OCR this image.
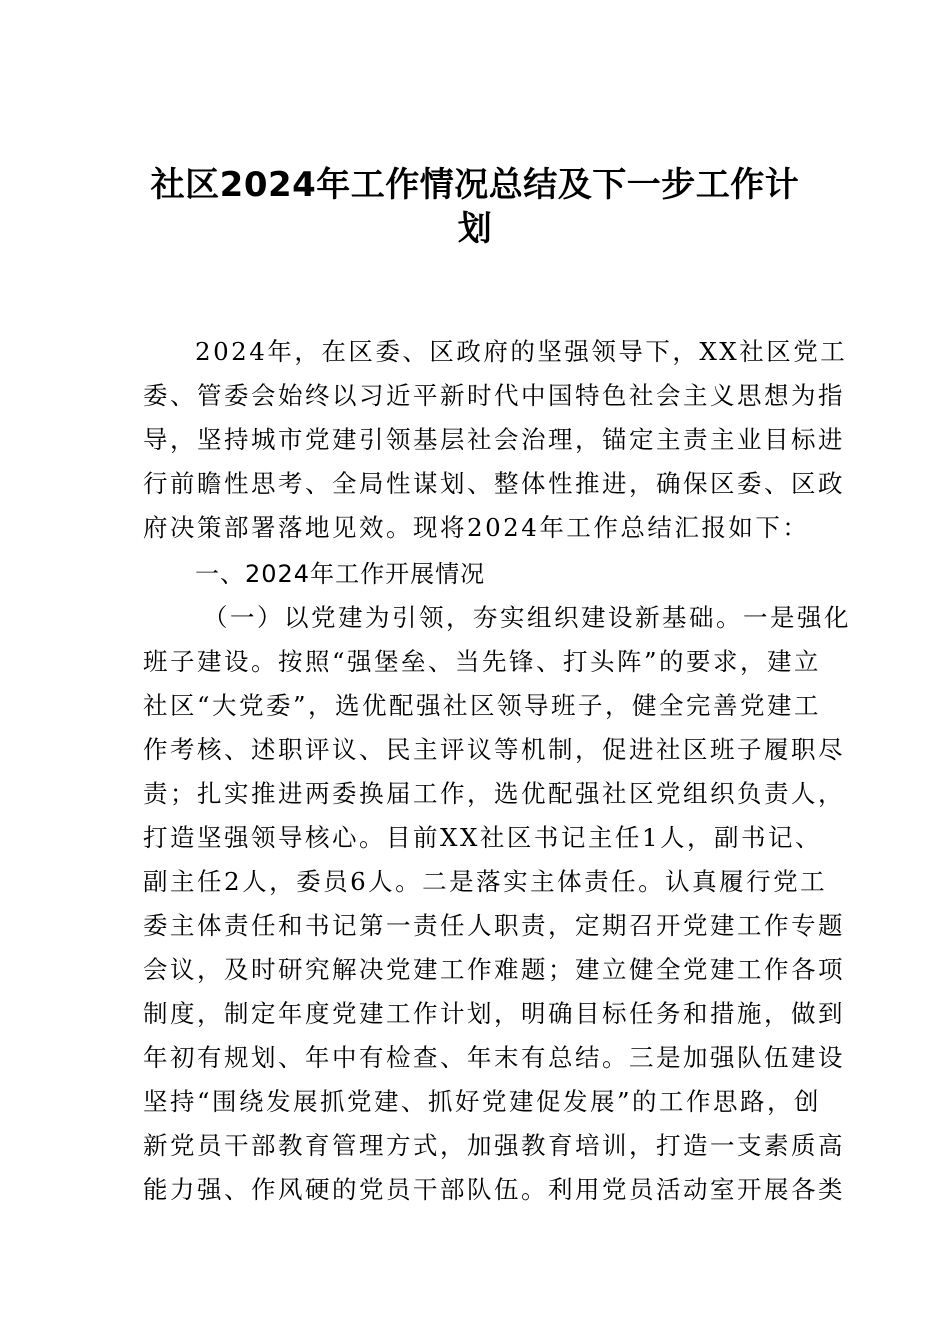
社区2024年工作情况总结及下一步工作计
划
2024年，在区委、区政府的坚强领导下，XX社区党工
委、管委会始终以习近平新时代中国特色社会主义思想为指
导，坚持城市党建引领基层社会治理，锚定主责主业目标进
行前瞻性思考、全局性谋划、整体性推进，确保区委、区政
府决策部署落地见效。现将2024年工作总结汇报如下：
一、2024年工作开展情况
（一）以党建为引领，夯实组织建设新基础。一是强化
班子建设。按照“强堡垒、当先锋、打头阵”的要求，建立
社区“大党委”，选优配强社区领导班子，健全完善党建工
作考核、述职评议、民主评议等机制，促进社区班子履职尽
责；扎实推进两委换届工作，选优配强社区党组织负责人，
打造坚强领导核心。目前XX社区书记主任1人，副书记、
副主任2人，委员6人。二是落实主体责任。认真履行党工
委主体责任和书记第一责任人职责，定期召开党建工作专题
会议，及时研究解决党建工作难题；建立健全党建工作各项
制度，制定年度党建工作计划，明确目标任务和措施，做到
年初有规划、年中有检查、年末有总结。三是加强队伍建设
坚持“围绕发展抓党建、抓好党建促发展”的工作思路，创
新党员干部教育管理方式，加强教育培训，打造一支素质高
能力强、作风硬的党员干部队伍。利用党员活动室开展各类
